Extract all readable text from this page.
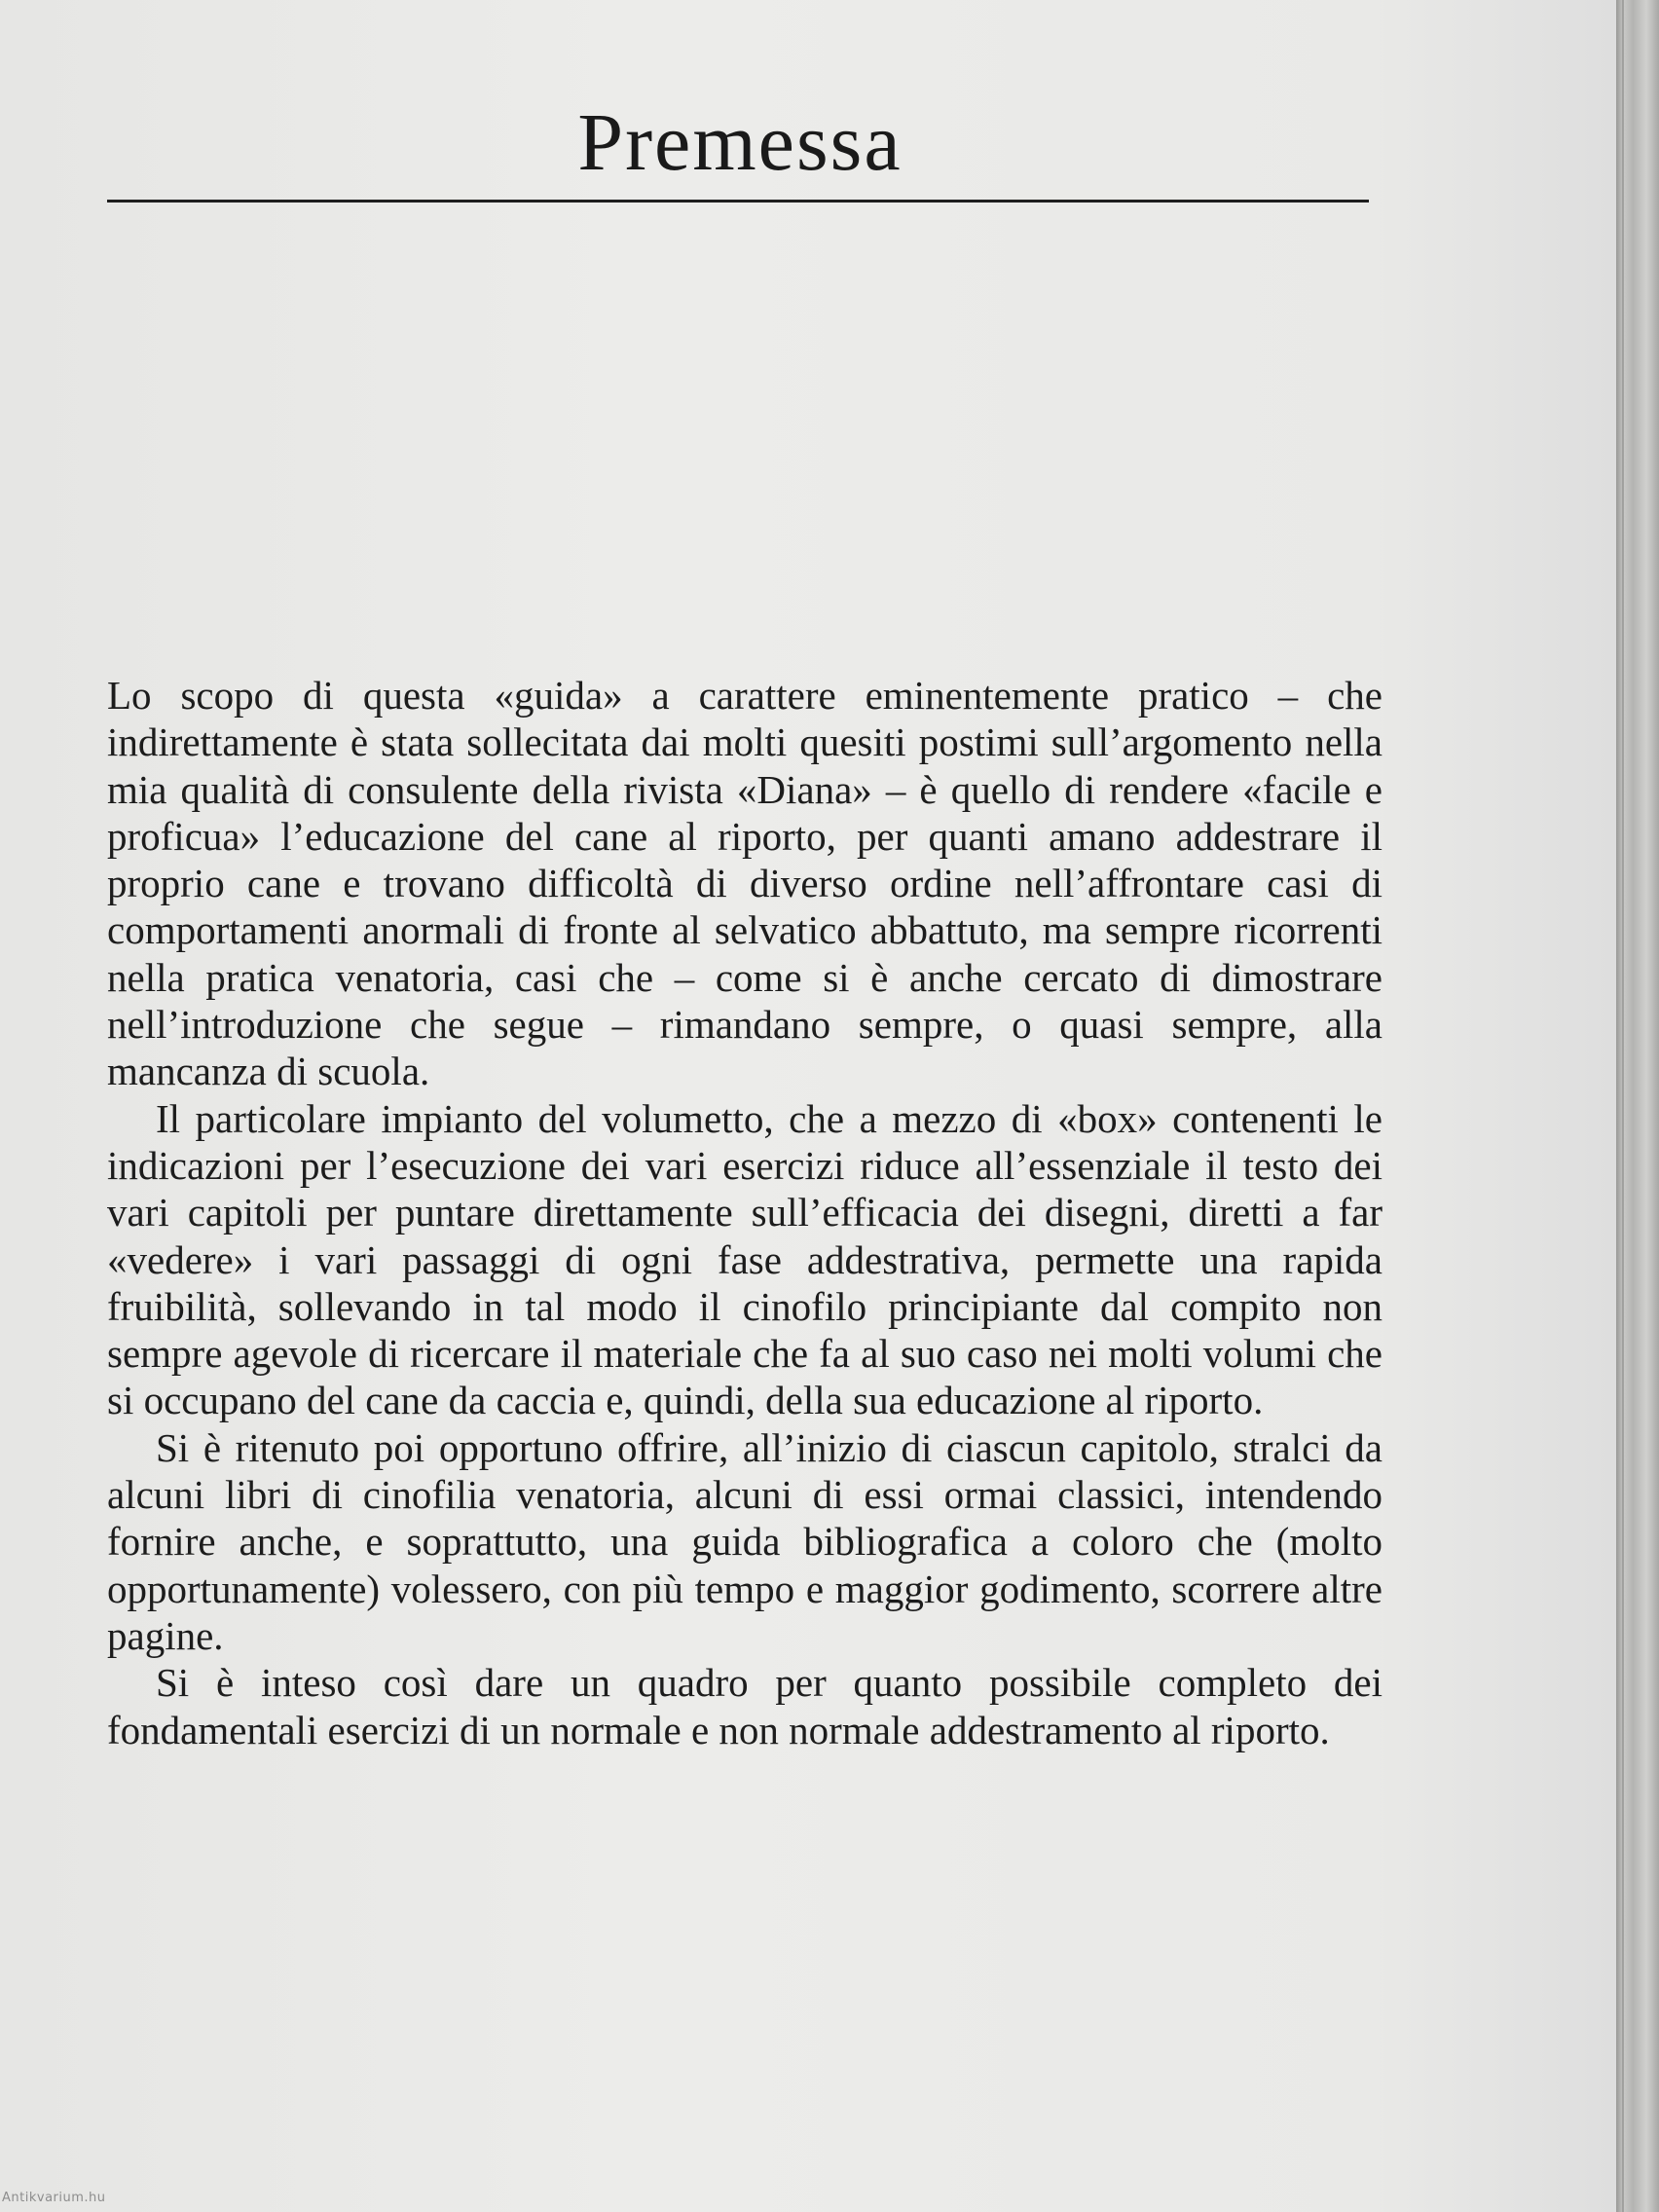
Premessa

Lo scopo di questa «guida» a carattere eminentemente pratico – che indirettamente è stata sollecitata dai molti quesiti postimi sull’argomento nella mia qualità di consulente della rivista «Diana» – è quello di rendere «facile e proficua» l’educazione del cane al riporto, per quanti amano addestrare il proprio cane e trovano difficoltà di diverso ordine nell’affrontare casi di comportamenti anormali di fronte al selvatico abbattuto, ma sempre ricorrenti nella pratica venatoria, casi che – come si è anche cercato di dimostrare nell’introduzione che segue – rimandano sempre, o quasi sempre, alla mancanza di scuola.

Il particolare impianto del volumetto, che a mezzo di «box» contenenti le indicazioni per l’esecuzione dei vari esercizi riduce all’essenziale il testo dei vari capitoli per puntare direttamente sull’efficacia dei disegni, diretti a far «vedere» i vari passaggi di ogni fase addestrativa, permette una rapida fruibilità, sollevando in tal modo il cinofilo principiante dal compito non sempre agevole di ricercare il materiale che fa al suo caso nei molti volumi che si occupano del cane da caccia e, quindi, della sua educazione al riporto.

Si è ritenuto poi opportuno offrire, all’inizio di ciascun capitolo, stralci da alcuni libri di cinofilia venatoria, alcuni di essi ormai classici, intendendo fornire anche, e soprattutto, una guida bibliografica a coloro che (molto opportunamente) volessero, con più tempo e maggior godimento, scorrere altre pagine.

Si è inteso così dare un quadro per quanto possibile completo dei fondamentali esercizi di un normale e non normale addestramento al riporto.

Antikvarium.hu
